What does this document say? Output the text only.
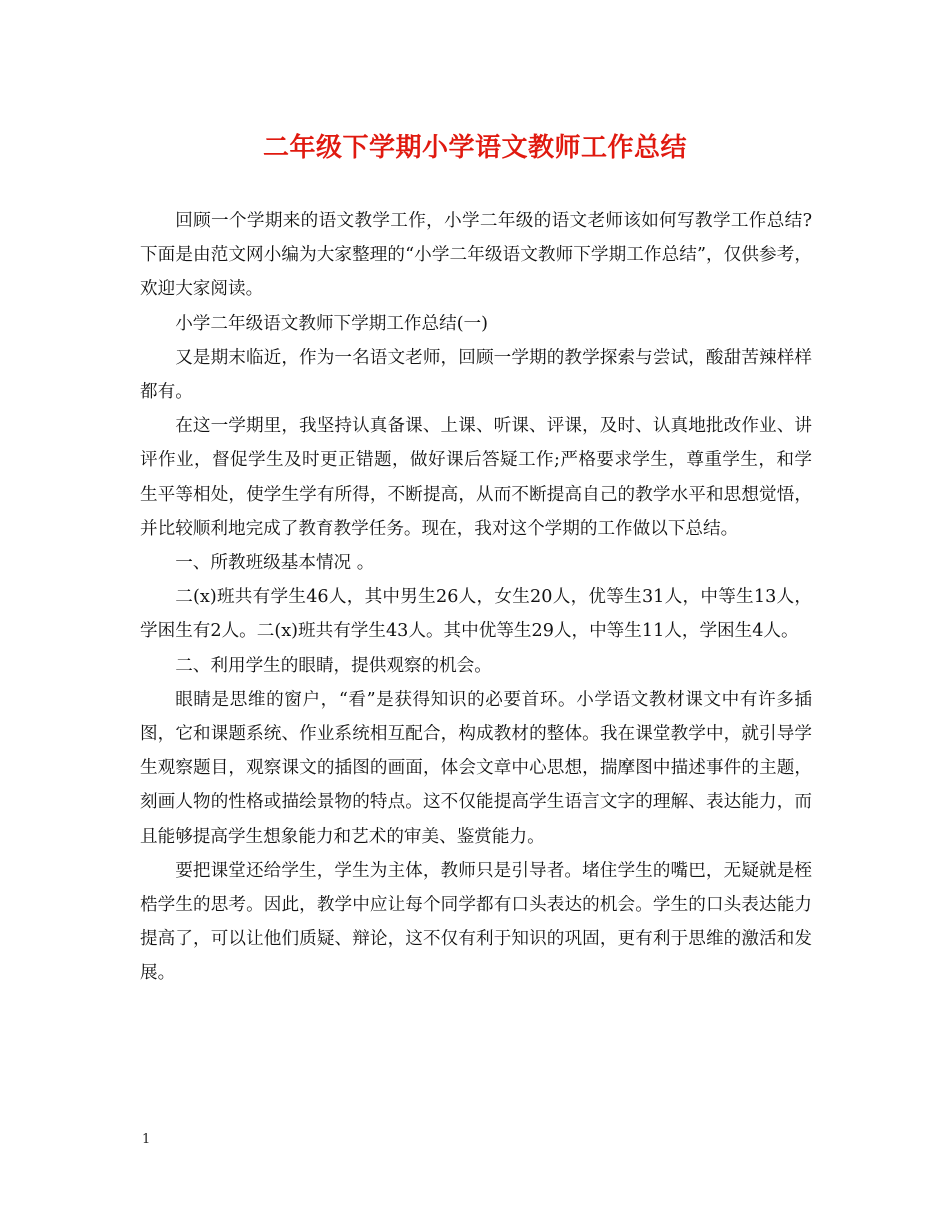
二年级下学期小学语文教师工作总结

回顾一个学期来的语文教学工作，小学二年级的语文老师该如何写教学工作总结?下面是由范文网小编为大家整理的“小学二年级语文教师下学期工作总结”，仅供参考，欢迎大家阅读。

小学二年级语文教师下学期工作总结(一)

又是期末临近，作为一名语文老师，回顾一学期的教学探索与尝试，酸甜苦辣样样都有。

在这一学期里，我坚持认真备课、上课、听课、评课，及时、认真地批改作业、讲评作业，督促学生及时更正错题，做好课后答疑工作;严格要求学生，尊重学生，和学生平等相处，使学生学有所得，不断提高，从而不断提高自己的教学水平和思想觉悟，并比较顺利地完成了教育教学任务。现在，我对这个学期的工作做以下总结。

一、所教班级基本情况 。

二(x)班共有学生46人，其中男生26人，女生20人，优等生31人，中等生13人，学困生有2人。二(x)班共有学生43人。其中优等生29人，中等生11人，学困生4人。

二、利用学生的眼睛，提供观察的机会。

眼睛是思维的窗户，“看”是获得知识的必要首环。小学语文教材课文中有许多插图，它和课题系统、作业系统相互配合，构成教材的整体。我在课堂教学中，就引导学生观察题目，观察课文的插图的画面，体会文章中心思想，揣摩图中描述事件的主题，刻画人物的性格或描绘景物的特点。这不仅能提高学生语言文字的理解、表达能力，而且能够提高学生想象能力和艺术的审美、鉴赏能力。

要把课堂还给学生，学生为主体，教师只是引导者。堵住学生的嘴巴，无疑就是桎梏学生的思考。因此，教学中应让每个同学都有口头表达的机会。学生的口头表达能力提高了，可以让他们质疑、辩论，这不仅有利于知识的巩固，更有利于思维的激活和发展。

1
